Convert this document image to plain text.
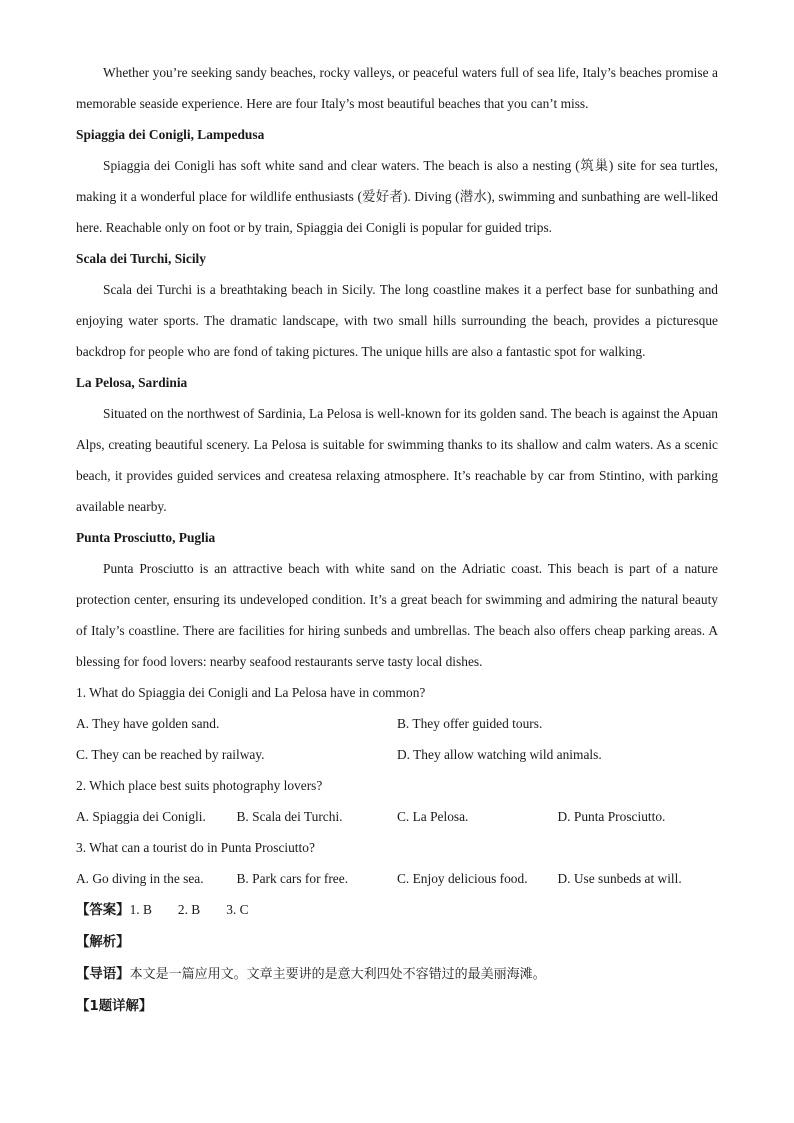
Whether you’re seeking sandy beaches, rocky valleys, or peaceful waters full of sea life, Italy’s beaches promise a memorable seaside experience. Here are four Italy’s most beautiful beaches that you can’t miss.

Spiaggia dei Conigli, Lampedusa

Spiaggia dei Conigli has soft white sand and clear waters. The beach is also a nesting (筑巢) site for sea turtles, making it a wonderful place for wildlife enthusiasts (爱好者). Diving (潜水), swimming and sunbathing are well-liked here. Reachable only on foot or by train, Spiaggia dei Conigli is popular for guided trips.

Scala dei Turchi, Sicily

Scala dei Turchi is a breathtaking beach in Sicily. The long coastline makes it a perfect base for sunbathing and enjoying water sports. The dramatic landscape, with two small hills surrounding the beach, provides a picturesque backdrop for people who are fond of taking pictures. The unique hills are also a fantastic spot for walking.

La Pelosa, Sardinia

Situated on the northwest of Sardinia, La Pelosa is well-known for its golden sand. The beach is against the Apuan Alps, creating beautiful scenery. La Pelosa is suitable for swimming thanks to its shallow and calm waters. As a scenic beach, it provides guided services and createsa relaxing atmosphere. It’s reachable by car from Stintino, with parking available nearby.

Punta Prosciutto, Puglia

Punta Prosciutto is an attractive beach with white sand on the Adriatic coast. This beach is part of a nature protection center, ensuring its undeveloped condition. It’s a great beach for swimming and admiring the natural beauty of Italy’s coastline. There are facilities for hiring sunbeds and umbrellas. The beach also offers cheap parking areas. A blessing for food lovers: nearby seafood restaurants serve tasty local dishes.

1. What do Spiaggia dei Conigli and La Pelosa have in common?

A. They have golden sand.	B. They offer guided tours.
C. They can be reached by railway.	D. They allow watching wild animals.

2. Which place best suits photography lovers?

A. Spiaggia dei Conigli.	B. Scala dei Turchi.	C. La Pelosa.	D. Punta Prosciutto.

3. What can a tourist do in Punta Prosciutto?

A. Go diving in the sea.	B. Park cars for free.	C. Enjoy delicious food.	D. Use sunbeds at will.

【答案】1. B 2. B 3. C

【解析】

【导语】本文是一篇应用文。文章主要讲的是意大利四处不容错过的最美丽海滩。

【1题详解】
